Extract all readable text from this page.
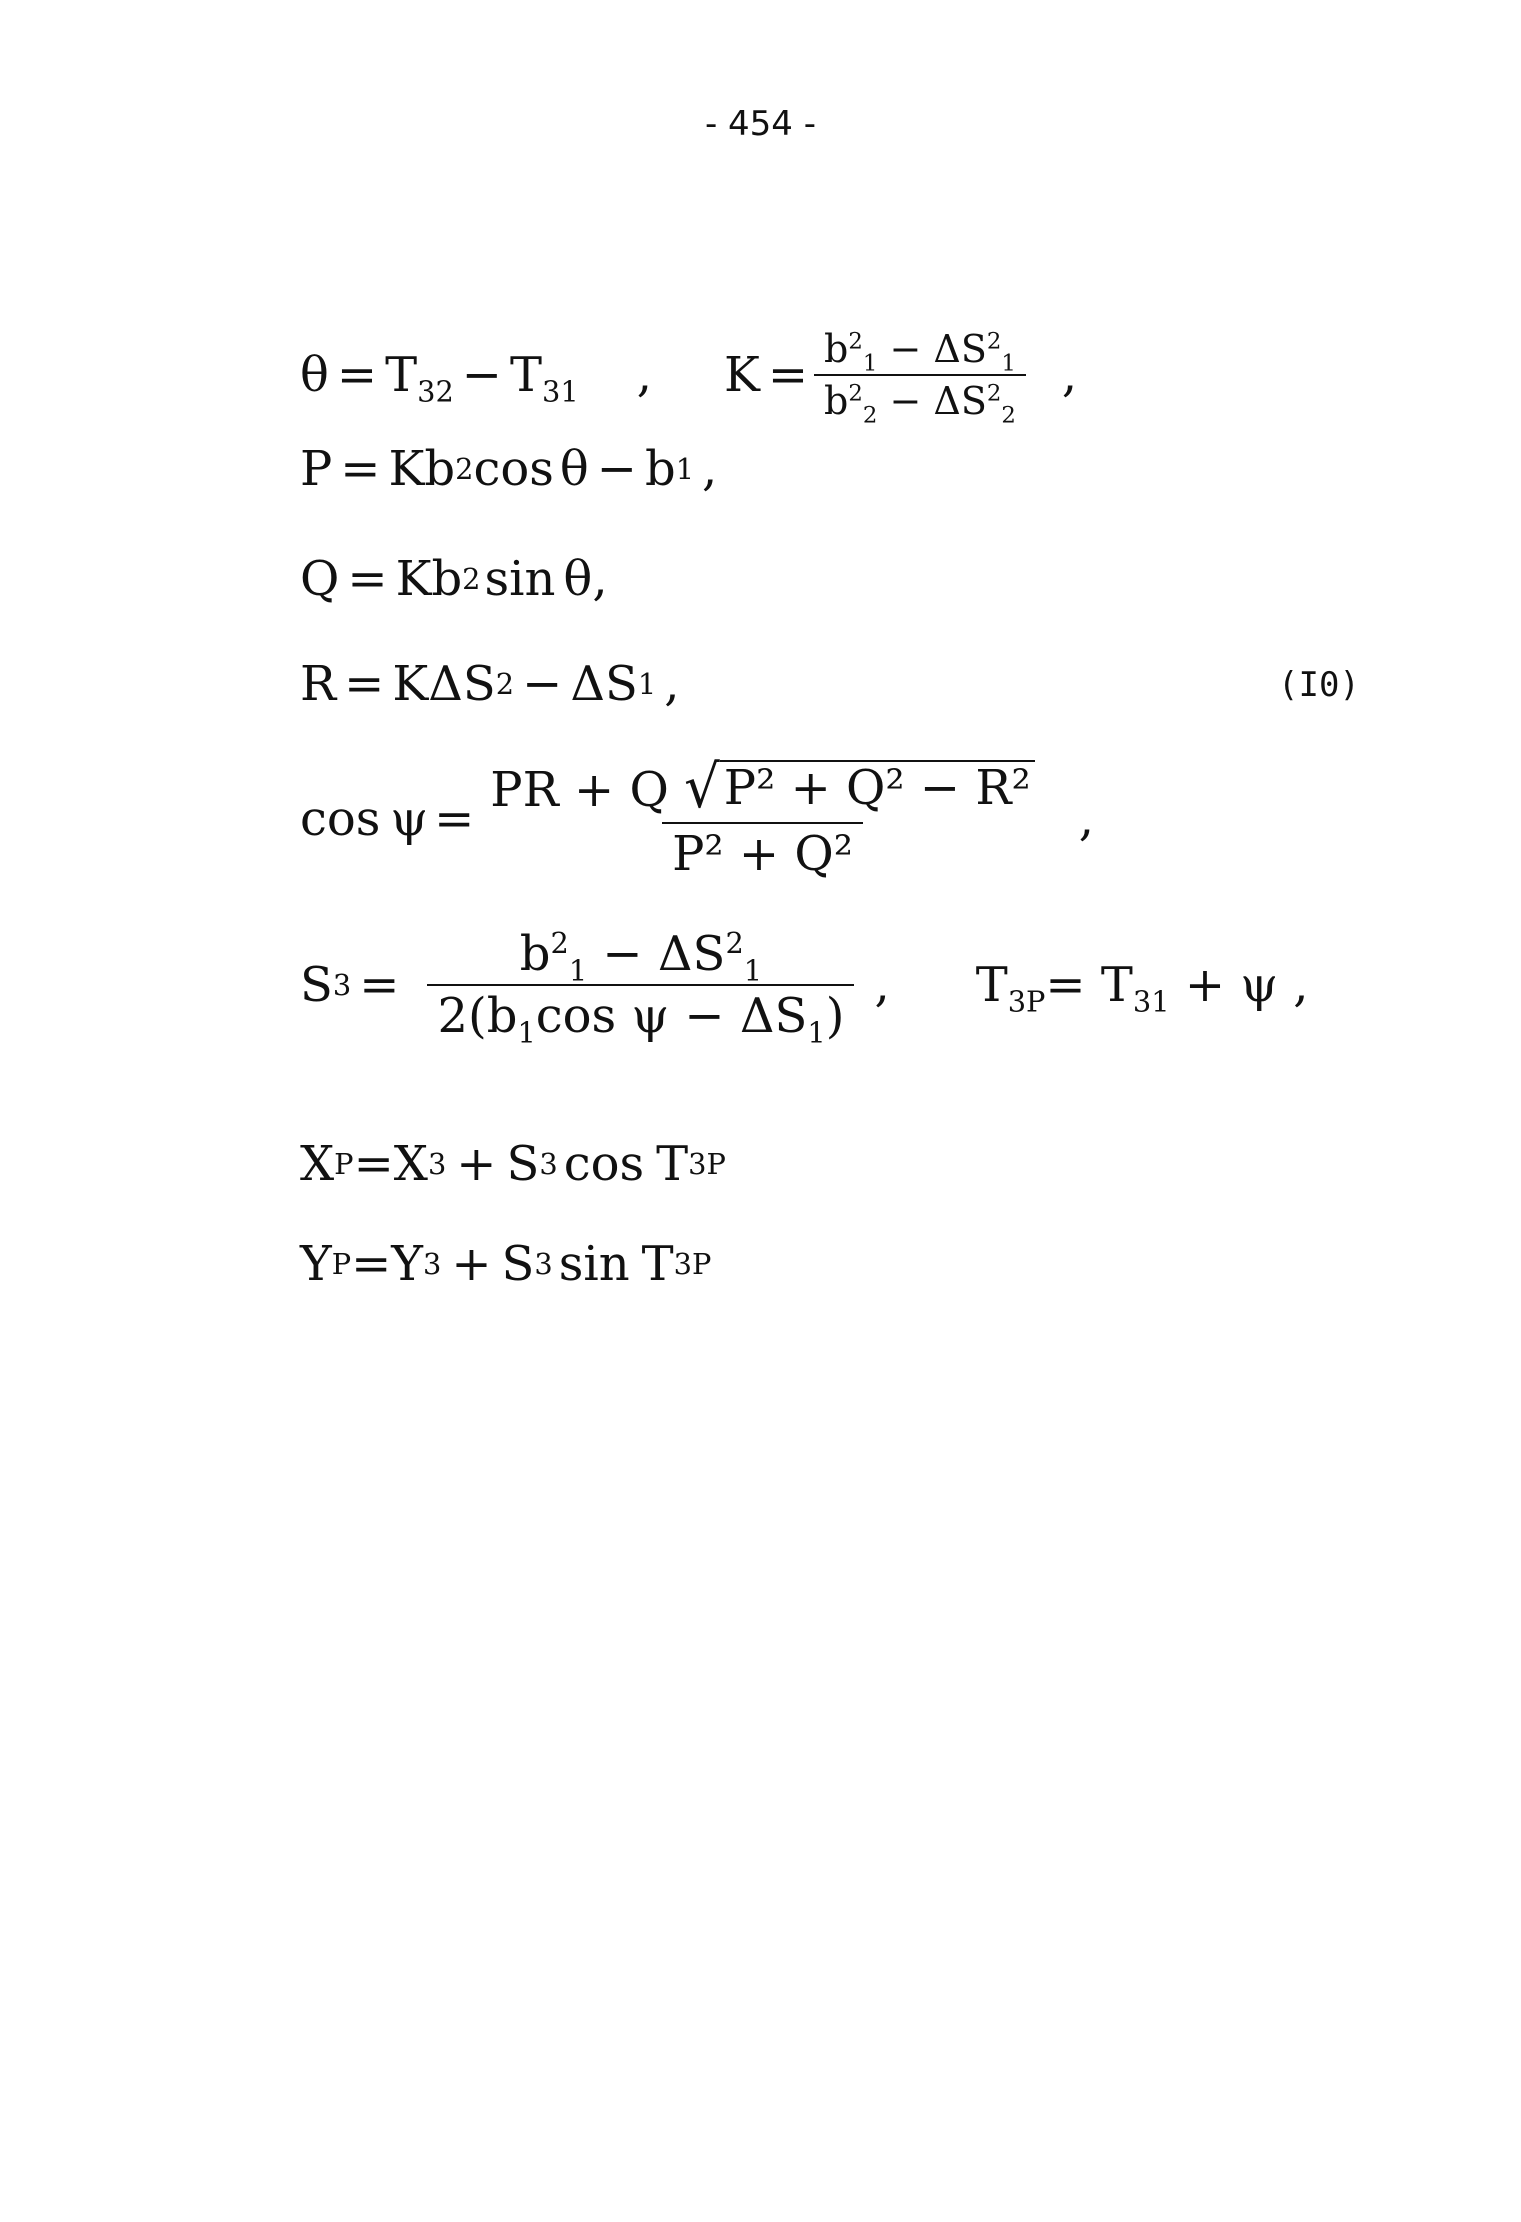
- 454 -
$\theta = T_{32} - T_{31}$ , $K = \frac{b^2_1 - \Delta S^2_1}{b^2_2 - \Delta S^2_2}$ ,
P = K b 2 cos θ − b 1 ,
Q = K b 2 sin θ ,
R = KΔ S 2 − Δ S 1 ,	(I0)
$\cos \psi = \frac{\text{PR + Q √ P² + Q² − R²}}{\text{P² + Q²}}$ ,
S $3 = \frac{b^2_1 - \Delta S^2_1}{2(b_1\cos \psi - \Delta S_1)}$ , $T_{3P}= T_{31} + \psi$ ,
X P = X 3 + S 3 cos T 3P
Y P = Y 3 + S 3 sin T 3P
